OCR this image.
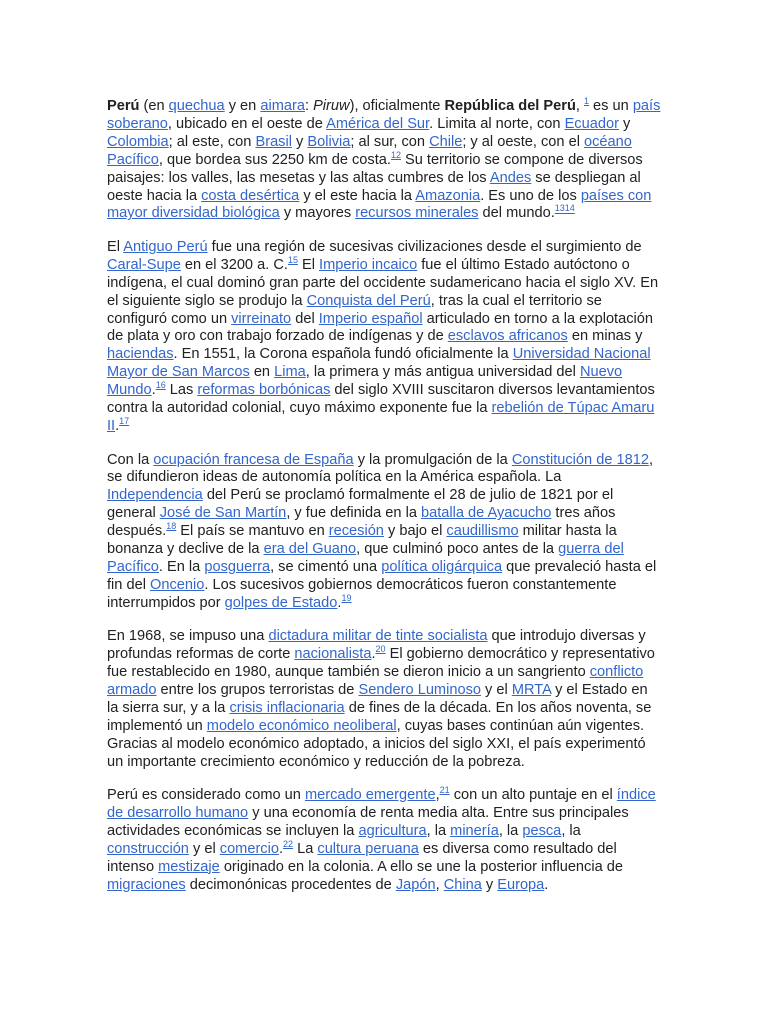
Perú (en quechua y en aimara: Piruw), oficialmente República del Perú, $^1$ es un país soberano, ubicado en el oeste de América del Sur. Limita al norte, con Ecuador y Colombia; al este, con Brasil y Bolivia; al sur, con Chile; y al oeste, con el océano Pacífico, que bordea sus 2250 km de costa.$^{12}$ Su territorio se compone de diversos paisajes: los valles, las mesetas y las altas cumbres de los Andes se despliegan al oeste hacia la costa desértica y el este hacia la Amazonia. Es uno de los países con mayor diversidad biológica y mayores recursos minerales del mundo.$^{1314}$

El Antiguo Perú fue una región de sucesivas civilizaciones desde el surgimiento de Caral-Supe en el 3200 a. C.$^{15}$ El Imperio incaico fue el último Estado autóctono o indígena, el cual dominó gran parte del occidente sudamericano hacia el siglo XV. En el siguiente siglo se produjo la Conquista del Perú, tras la cual el territorio se configuró como un virreinato del Imperio español articulado en torno a la explotación de plata y oro con trabajo forzado de indígenas y de esclavos africanos en minas y haciendas. En 1551, la Corona española fundó oficialmente la Universidad Nacional Mayor de San Marcos en Lima, la primera y más antigua universidad del Nuevo Mundo.$^{16}$ Las reformas borbónicas del siglo XVIII suscitaron diversos levantamientos contra la autoridad colonial, cuyo máximo exponente fue la rebelión de Túpac Amaru II.$^{17}$

Con la ocupación francesa de España y la promulgación de la Constitución de 1812, se difundieron ideas de autonomía política en la América española. La Independencia del Perú se proclamó formalmente el 28 de julio de 1821 por el general José de San Martín, y fue definida en la batalla de Ayacucho tres años después.$^{18}$ El país se mantuvo en recesión y bajo el caudillismo militar hasta la bonanza y declive de la era del Guano, que culminó poco antes de la guerra del Pacífico. En la posguerra, se cimentó una política oligárquica que prevaleció hasta el fin del Oncenio. Los sucesivos gobiernos democráticos fueron constantemente interrumpidos por golpes de Estado.$^{19}$

En 1968, se impuso una dictadura militar de tinte socialista que introdujo diversas y profundas reformas de corte nacionalista.$^{20}$ El gobierno democrático y representativo fue restablecido en 1980, aunque también se dieron inicio a un sangriento conflicto armado entre los grupos terroristas de Sendero Luminoso y el MRTA y el Estado en la sierra sur, y a la crisis inflacionaria de fines de la década. En los años noventa, se implementó un modelo económico neoliberal, cuyas bases continúan aún vigentes. Gracias al modelo económico adoptado, a inicios del siglo XXI, el país experimentó un importante crecimiento económico y reducción de la pobreza.

Perú es considerado como un mercado emergente,$^{21}$ con un alto puntaje en el índice de desarrollo humano y una economía de renta media alta. Entre sus principales actividades económicas se incluyen la agricultura, la minería, la pesca, la construcción y el comercio.$^{22}$ La cultura peruana es diversa como resultado del intenso mestizaje originado en la colonia. A ello se une la posterior influencia de migraciones decimonónicas procedentes de Japón, China y Europa.
